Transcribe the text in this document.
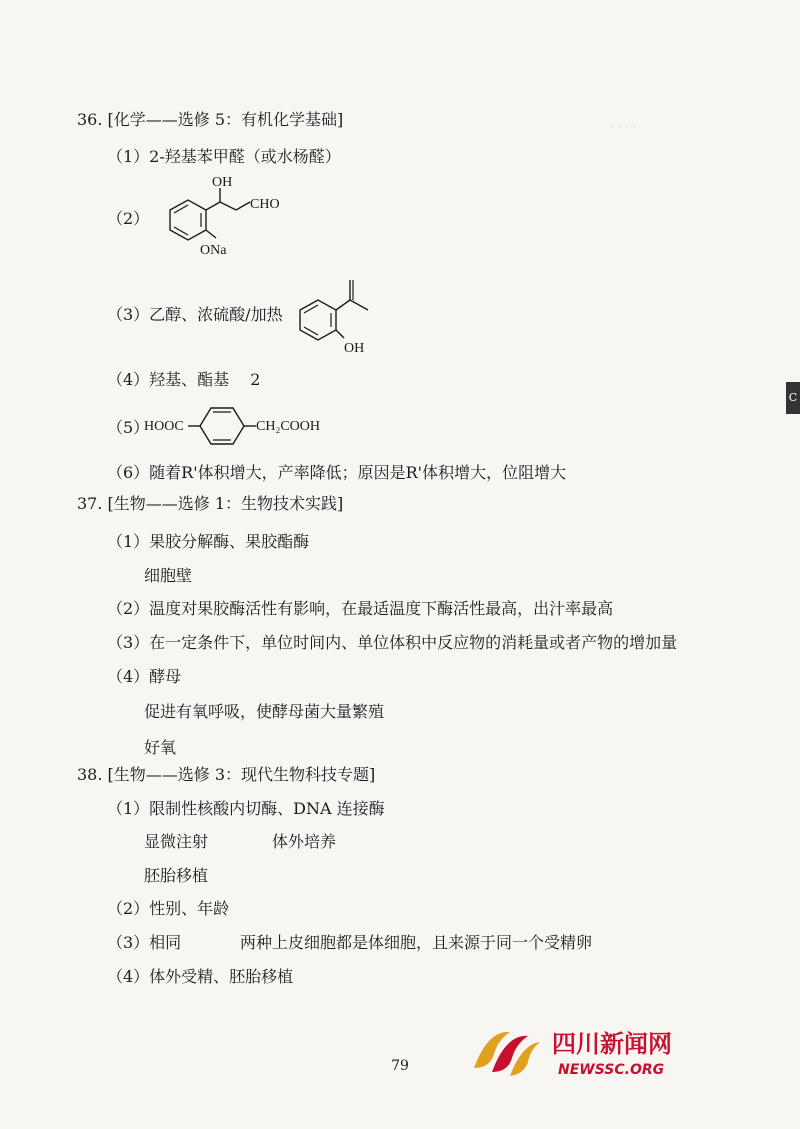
· · · ·
36. [化学——选修 5：有机化学基础]
（1）2-羟基苯甲醛（或水杨醛）
（2）
OH
CHO
ONa
（3）乙醇、浓硫酸/加热
OH
（4）羟基、酯基　 2
（5）
HOOC	CH₂COOH
（6）随着R'体积增大，产率降低；原因是R'体积增大，位阻增大
37. [生物——选修 1：生物技术实践]
（1）果胶分解酶、果胶酯酶
细胞壁
（2）温度对果胶酶活性有影响，在最适温度下酶活性最高，出汁率最高
（3）在一定条件下，单位时间内、单位体积中反应物的消耗量或者产物的增加量
（4）酵母
促进有氧呼吸，使酵母菌大量繁殖
好氧
38. [生物——选修 3：现代生物科技专题]
（1）限制性核酸内切酶、DNA 连接酶
显微注射	体外培养
胚胎移植
（2）性别、年龄
（3）相同	两种上皮细胞都是体细胞，且来源于同一个受精卵
（4）体外受精、胚胎移植
79
C
四川新闻网
NEWSSC.ORG
